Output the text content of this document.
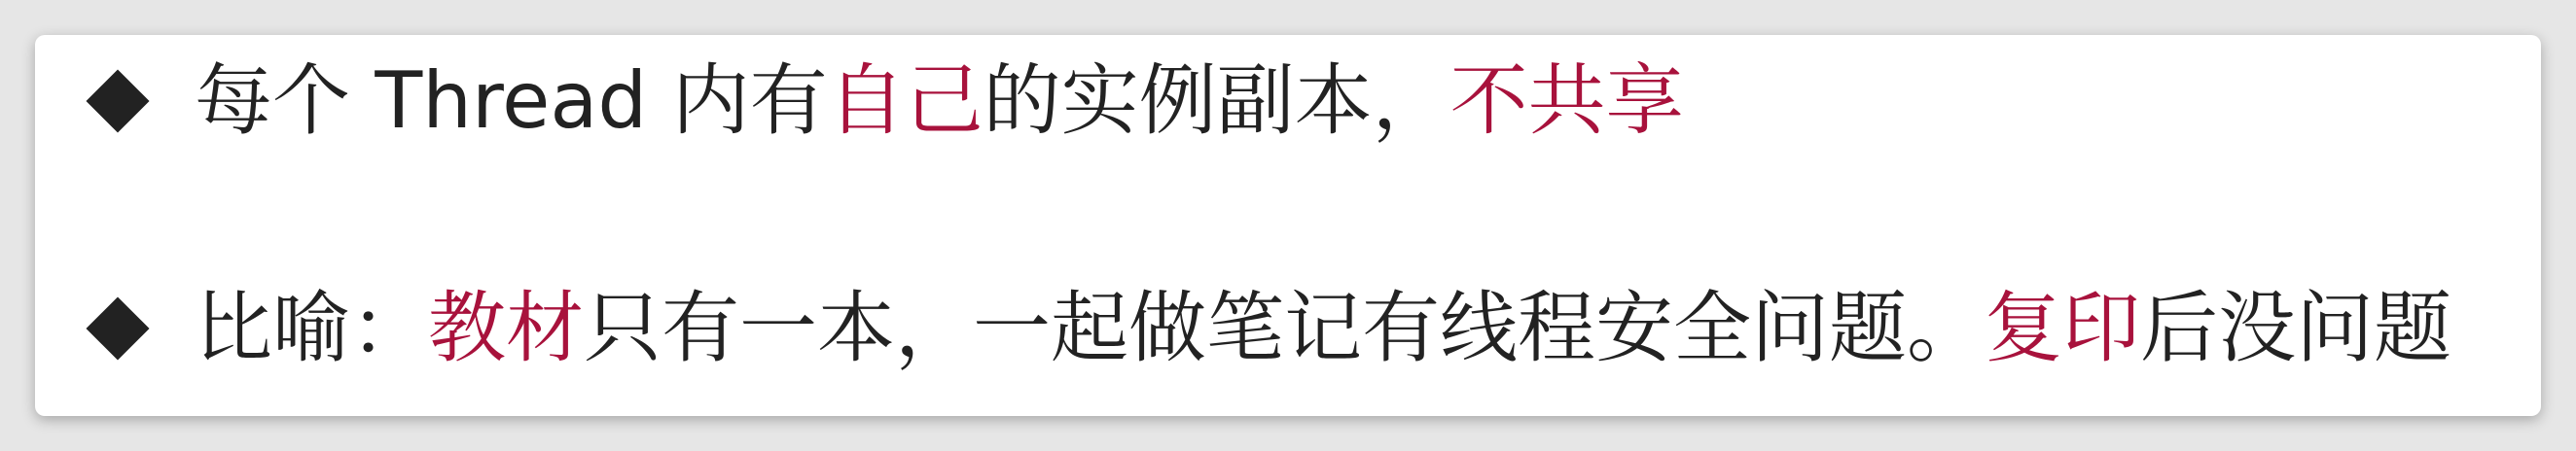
每个 Thread 内有自己的实例副本，不共享
比喻：教材只有一本，一起做笔记有线程安全问题。复印后没问题
